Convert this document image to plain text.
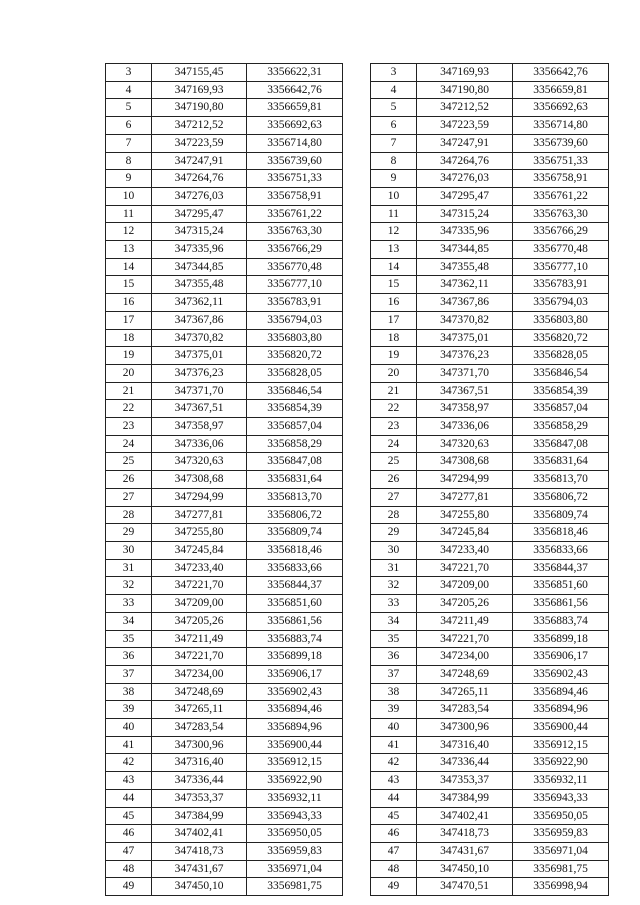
3	347155,45	3356622,31
4	347169,93	3356642,76
5	347190,80	3356659,81
6	347212,52	3356692,63
7	347223,59	3356714,80
8	347247,91	3356739,60
9	347264,76	3356751,33
10	347276,03	3356758,91
11	347295,47	3356761,22
12	347315,24	3356763,30
13	347335,96	3356766,29
14	347344,85	3356770,48
15	347355,48	3356777,10
16	347362,11	3356783,91
17	347367,86	3356794,03
18	347370,82	3356803,80
19	347375,01	3356820,72
20	347376,23	3356828,05
21	347371,70	3356846,54
22	347367,51	3356854,39
23	347358,97	3356857,04
24	347336,06	3356858,29
25	347320,63	3356847,08
26	347308,68	3356831,64
27	347294,99	3356813,70
28	347277,81	3356806,72
29	347255,80	3356809,74
30	347245,84	3356818,46
31	347233,40	3356833,66
32	347221,70	3356844,37
33	347209,00	3356851,60
34	347205,26	3356861,56
35	347211,49	3356883,74
36	347221,70	3356899,18
37	347234,00	3356906,17
38	347248,69	3356902,43
39	347265,11	3356894,46
40	347283,54	3356894,96
41	347300,96	3356900,44
42	347316,40	3356912,15
43	347336,44	3356922,90
44	347353,37	3356932,11
45	347384,99	3356943,33
46	347402,41	3356950,05
47	347418,73	3356959,83
48	347431,67	3356971,04
49	347450,10	3356981,75
3	347169,93	3356642,76
4	347190,80	3356659,81
5	347212,52	3356692,63
6	347223,59	3356714,80
7	347247,91	3356739,60
8	347264,76	3356751,33
9	347276,03	3356758,91
10	347295,47	3356761,22
11	347315,24	3356763,30
12	347335,96	3356766,29
13	347344,85	3356770,48
14	347355,48	3356777,10
15	347362,11	3356783,91
16	347367,86	3356794,03
17	347370,82	3356803,80
18	347375,01	3356820,72
19	347376,23	3356828,05
20	347371,70	3356846,54
21	347367,51	3356854,39
22	347358,97	3356857,04
23	347336,06	3356858,29
24	347320,63	3356847,08
25	347308,68	3356831,64
26	347294,99	3356813,70
27	347277,81	3356806,72
28	347255,80	3356809,74
29	347245,84	3356818,46
30	347233,40	3356833,66
31	347221,70	3356844,37
32	347209,00	3356851,60
33	347205,26	3356861,56
34	347211,49	3356883,74
35	347221,70	3356899,18
36	347234,00	3356906,17
37	347248,69	3356902,43
38	347265,11	3356894,46
39	347283,54	3356894,96
40	347300,96	3356900,44
41	347316,40	3356912,15
42	347336,44	3356922,90
43	347353,37	3356932,11
44	347384,99	3356943,33
45	347402,41	3356950,05
46	347418,73	3356959,83
47	347431,67	3356971,04
48	347450,10	3356981,75
49	347470,51	3356998,94
